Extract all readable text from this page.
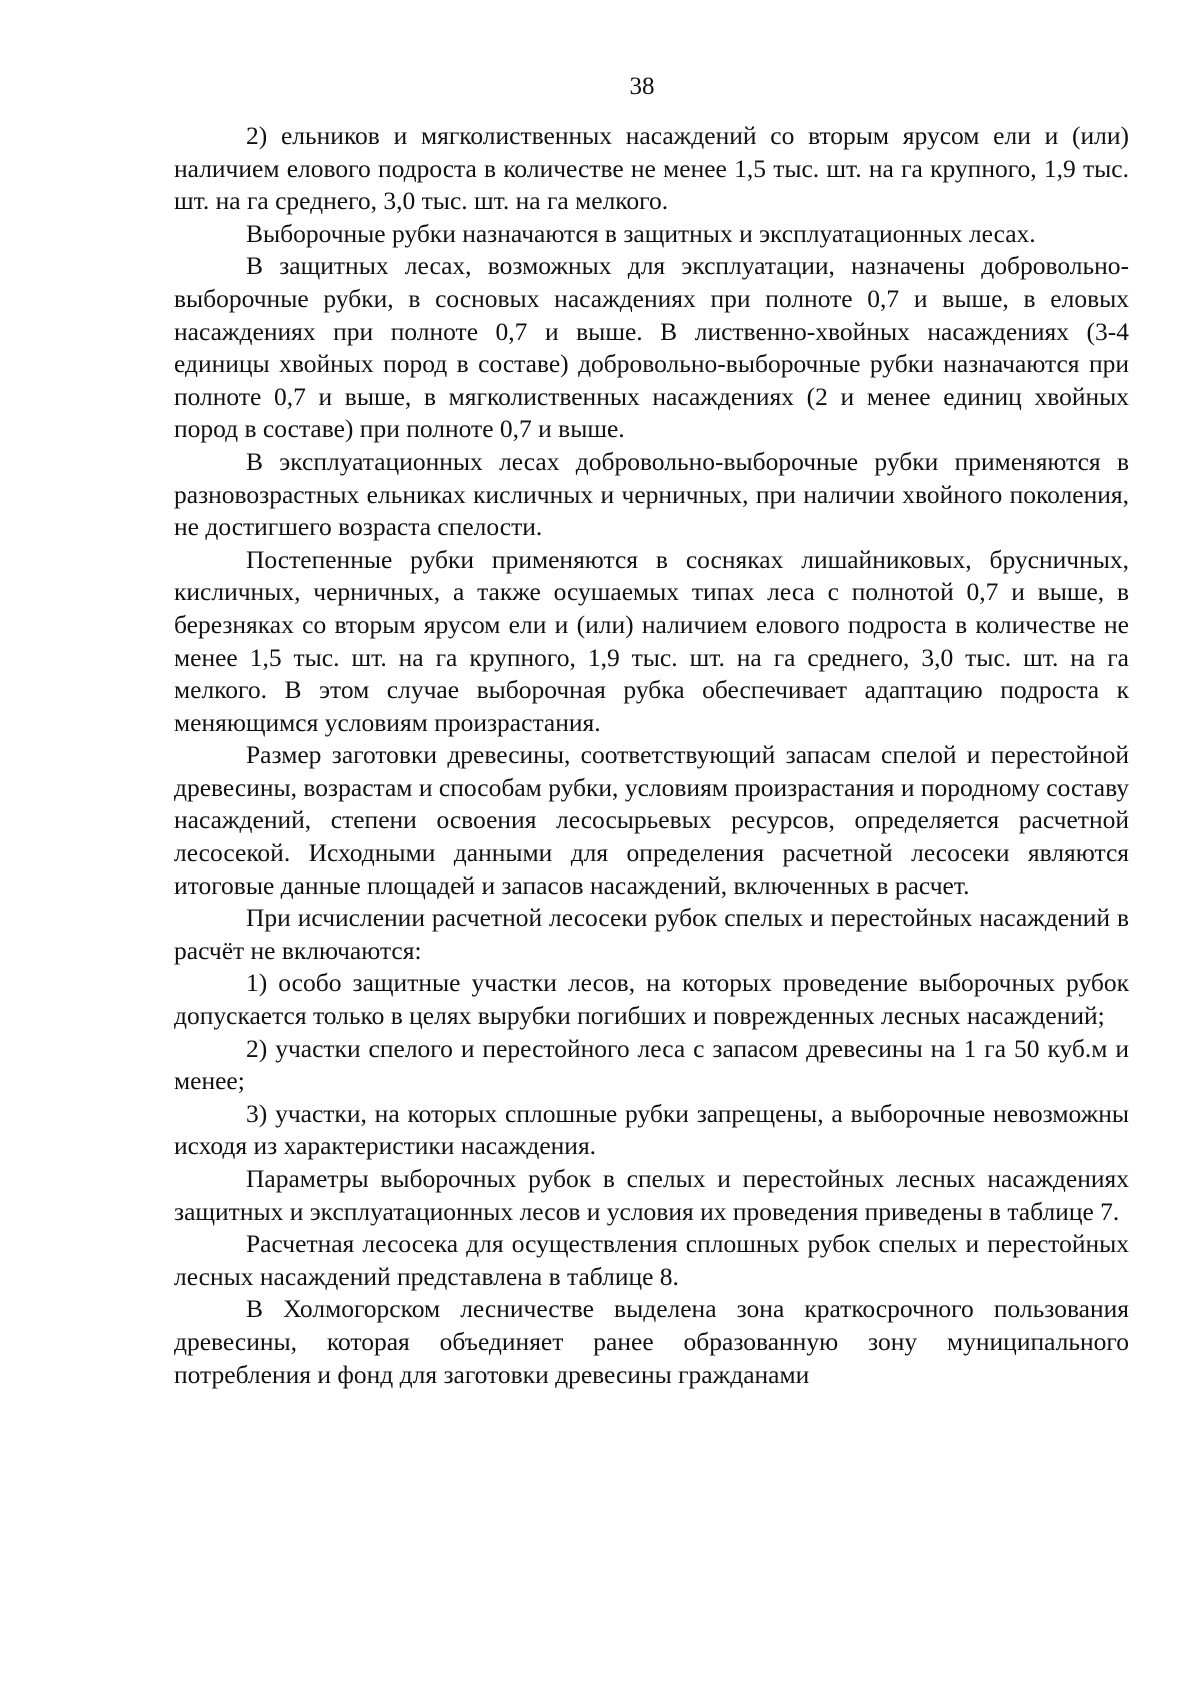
38

2) ельников и мягколиственных насаждений со вторым ярусом ели и (или) наличием елового подроста в количестве не менее 1,5 тыс. шт. на га крупного, 1,9 тыс. шт. на га среднего, 3,0 тыс. шт. на га мелкого.

Выборочные рубки назначаются в защитных и эксплуатационных лесах.

В защитных лесах, возможных для эксплуатации, назначены добровольно-выборочные рубки, в сосновых насаждениях при полноте 0,7 и выше, в еловых насаждениях при полноте 0,7 и выше. В лиственно-хвойных насаждениях (3-4 единицы хвойных пород в составе) добровольно-выборочные рубки назначаются при полноте 0,7 и выше, в мягколиственных насаждениях (2 и менее единиц хвойных пород в составе) при полноте 0,7 и выше.

В эксплуатационных лесах добровольно-выборочные рубки применяются в разновозрастных ельниках кисличных и черничных, при наличии хвойного поколения, не достигшего возраста спелости.

Постепенные рубки применяются в сосняках лишайниковых, брусничных, кисличных, черничных, а также осушаемых типах леса с полнотой 0,7 и выше, в березняках со вторым ярусом ели и (или) наличием елового подроста в количестве не менее 1,5 тыс. шт. на га крупного, 1,9 тыс. шт. на га среднего, 3,0 тыс. шт. на га мелкого. В этом случае выборочная рубка обеспечивает адаптацию подроста к меняющимся условиям произрастания.

Размер заготовки древесины, соответствующий запасам спелой и перестойной древесины, возрастам и способам рубки, условиям произрастания и породному составу насаждений, степени освоения лесосырьевых ресурсов, определяется расчетной лесосекой. Исходными данными для определения расчетной лесосеки являются итоговые данные площадей и запасов насаждений, включенных в расчет.

При исчислении расчетной лесосеки рубок спелых и перестойных насаждений в расчёт не включаются:

1) особо защитные участки лесов, на которых проведение выборочных рубок допускается только в целях вырубки погибших и поврежденных лесных насаждений;

2) участки спелого и перестойного леса с запасом древесины на 1 га 50 куб.м и менее;

3) участки, на которых сплошные рубки запрещены, а выборочные невозможны исходя из характеристики насаждения.

Параметры выборочных рубок в спелых и перестойных лесных насаждениях защитных и эксплуатационных лесов и условия их проведения приведены в таблице 7.

Расчетная лесосека для осуществления сплошных рубок спелых и перестойных лесных насаждений представлена в таблице 8.

В Холмогорском лесничестве выделена зона краткосрочного пользования древесины, которая объединяет ранее образованную зону муниципального потребления и фонд для заготовки древесины гражданами
